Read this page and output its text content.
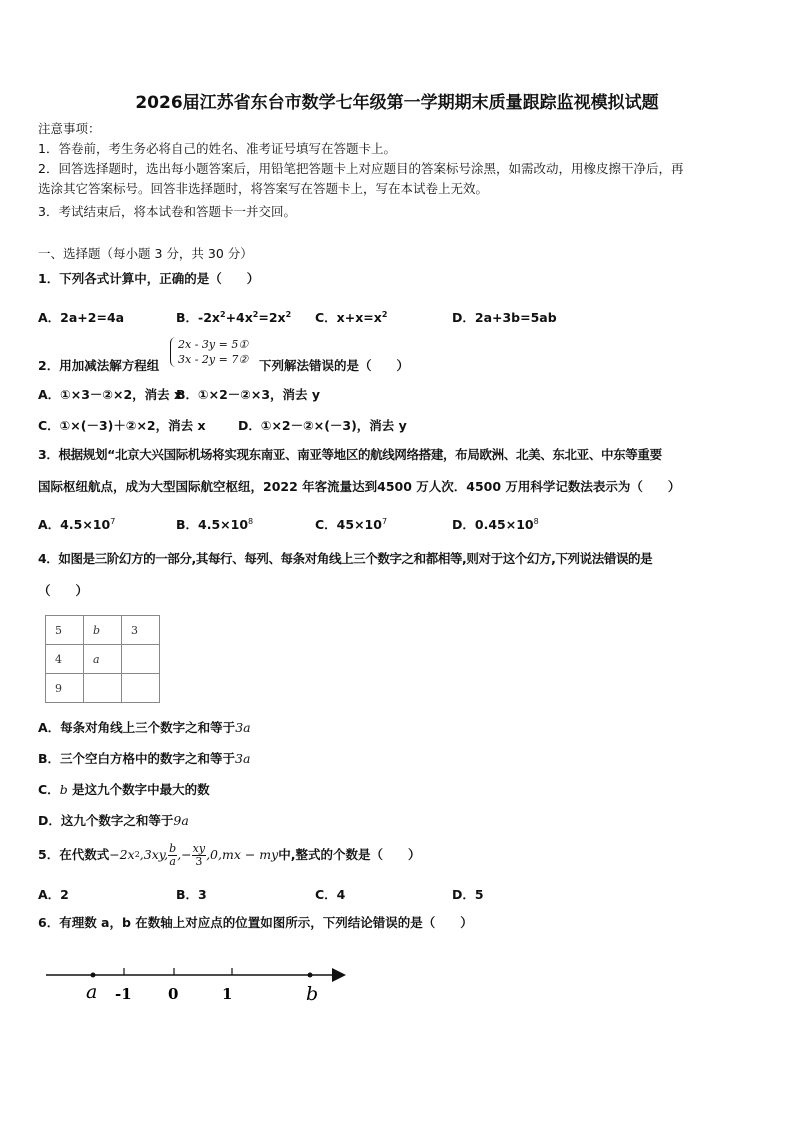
2026届江苏省东台市数学七年级第一学期期末质量跟踪监视模拟试题
注意事项：
1．答卷前，考生务必将自己的姓名、准考证号填写在答题卡上。
2．回答选择题时，选出每小题答案后，用铅笔把答题卡上对应题目的答案标号涂黑，如需改动，用橡皮擦干净后，再
选涂其它答案标号。回答非选择题时，将答案写在答题卡上，写在本试卷上无效。
3．考试结束后，将本试卷和答题卡一并交回。
一、选择题（每小题 3 分，共 30 分）
1．下列各式计算中，正确的是（　　）
A．2a+2=4a	B．$-2x^2+4x^2=2x^2$ C．$x+x=x^2$	D．2a+3b=5ab
2．用加减法解方程组
2x - 3y = 5①
3x - 2y = 7② 下列解法错误的是（　　）
A．①×3－②×2，消去 x
B．①×2－②×3，消去 y
C．①×(－3)＋②×2，消去 x	D．①×2－②×(－3)，消去 y
3．根据规划“北京大兴国际机场将实现东南亚、南亚等地区的航线网络搭建，布局欧洲、北美、东北亚、中东等重要
国际枢纽航点，成为大型国际航空枢纽，2022 年客流量达到4500 万人次．4500 万用科学记数法表示为（　　）
A．$4.5\times 10^7$	B．$4.5\times 10^8$	C．$45\times 10^7$	D．$0.45\times 10^8$
4．如图是三阶幻方的一部分,其每行、每列、每条对角线上三个数字之和都相等,则对于这个幻方,下列说法错误的是
（　　）
5	b	3
4	a	
9		
A．每条对角线上三个数字之和等于3a
B．三个空白方格中的数字之和等于3a
C．b 是这九个数字中最大的数
D．这九个数字之和等于9a
5．在代数式 −2x 2 ,3xy, $\frac{b}{a}$ ,− $\frac{xy}{3} ,0$, mx − my 中,整式的个数是（　　）
A．2	B．3	C．4	D．5
6．有理数 a，b 在数轴上对应点的位置如图所示，下列结论错误的是（　　）
a -1 0	1	b
